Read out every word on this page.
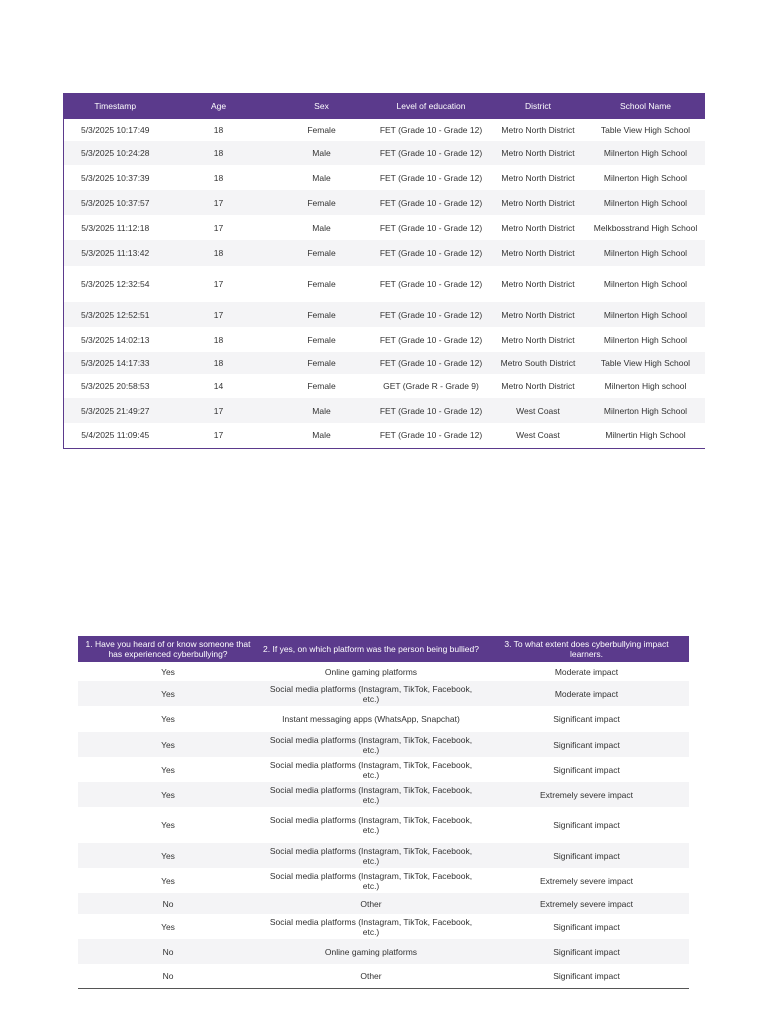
Timestamp	Age	Sex	Level of education	District	School Name
5/3/2025 10:17:49	18	Female	FET (Grade 10 - Grade 12)	Metro North District	Table View High School
5/3/2025 10:24:28	18	Male	FET (Grade 10 - Grade 12)	Metro North District	Milnerton High School
5/3/2025 10:37:39	18	Male	FET (Grade 10 - Grade 12)	Metro North District	Milnerton High School
5/3/2025 10:37:57	17	Female	FET (Grade 10 - Grade 12)	Metro North District	Milnerton High School
5/3/2025 11:12:18	17	Male	FET (Grade 10 - Grade 12)	Metro North District	Melkbosstrand High School
5/3/2025 11:13:42	18	Female	FET (Grade 10 - Grade 12)	Metro North District	Milnerton High School
5/3/2025 12:32:54	17	Female	FET (Grade 10 - Grade 12)	Metro North District	Milnerton High School
5/3/2025 12:52:51	17	Female	FET (Grade 10 - Grade 12)	Metro North District	Milnerton High School
5/3/2025 14:02:13	18	Female	FET (Grade 10 - Grade 12)	Metro North District	Milnerton High School
5/3/2025 14:17:33	18	Female	FET (Grade 10 - Grade 12)	Metro South District	Table View High School
5/3/2025 20:58:53	14	Female	GET (Grade R - Grade 9)	Metro North District	Milnerton High school
5/3/2025 21:49:27	17	Male	FET (Grade 10 - Grade 12)	West Coast	Milnerton High School
5/4/2025 11:09:45	17	Male	FET (Grade 10 - Grade 12)	West Coast	Milnertin High School
1. Have you heard of or know someone that has experienced cyberbullying?	2. If yes, on which platform was the person being bullied?	3. To what extent does cyberbullying impact learners.
Yes	Online gaming platforms	Moderate impact
Yes	Social media platforms (Instagram, TikTok, Facebook, etc.)	Moderate impact
Yes	Instant messaging apps (WhatsApp, Snapchat)	Significant impact
Yes	Social media platforms (Instagram, TikTok, Facebook, etc.)	Significant impact
Yes	Social media platforms (Instagram, TikTok, Facebook, etc.)	Significant impact
Yes	Social media platforms (Instagram, TikTok, Facebook, etc.)	Extremely severe impact
Yes	Social media platforms (Instagram, TikTok, Facebook, etc.)	Significant impact
Yes	Social media platforms (Instagram, TikTok, Facebook, etc.)	Significant impact
Yes	Social media platforms (Instagram, TikTok, Facebook, etc.)	Extremely severe impact
No	Other	Extremely severe impact
Yes	Social media platforms (Instagram, TikTok, Facebook, etc.)	Significant impact
No	Online gaming platforms	Significant impact
No	Other	Significant impact
